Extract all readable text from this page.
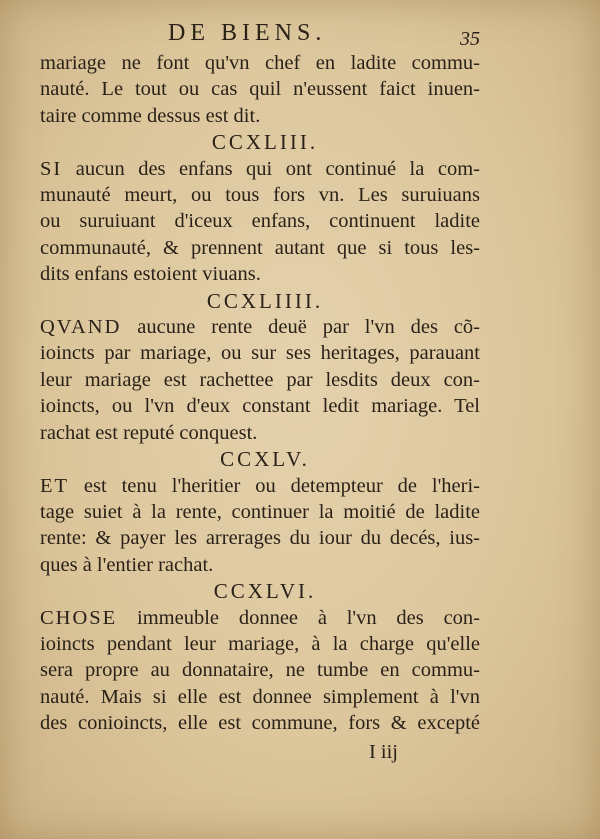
DE BIENS.	35
mariage ne font qu'vn chef en ladite commu-
nauté. Le tout ou cas quil n'eussent faict inuen-
taire comme dessus est dit.
CCXLIII.
SI aucun des enfans qui ont continué la com-
munauté meurt, ou tous fors vn. Les suruiuans
ou suruiuant d'iceux enfans, continuent ladite
communauté, & prennent autant que si tous les-
dits enfans estoient viuans.
CCXLIIII.
QVAND aucune rente deuë par l'vn des cõ-
ioincts par mariage, ou sur ses heritages, parauant
leur mariage est rachettee par lesdits deux con-
ioincts, ou l'vn d'eux constant ledit mariage. Tel
rachat est reputé conquest.
CCXLV.
ET est tenu l'heritier ou detempteur de l'heri-
tage suiet à la rente, continuer la moitié de ladite
rente: & payer les arrerages du iour du decés, ius-
ques à l'entier rachat.
CCXLVI.
CHOSE immeuble donnee à l'vn des con-
ioincts pendant leur mariage, à la charge qu'elle
sera propre au donnataire, ne tumbe en commu-
nauté. Mais si elle est donnee simplement à l'vn
des conioincts, elle est commune, fors & excepté
I iij
